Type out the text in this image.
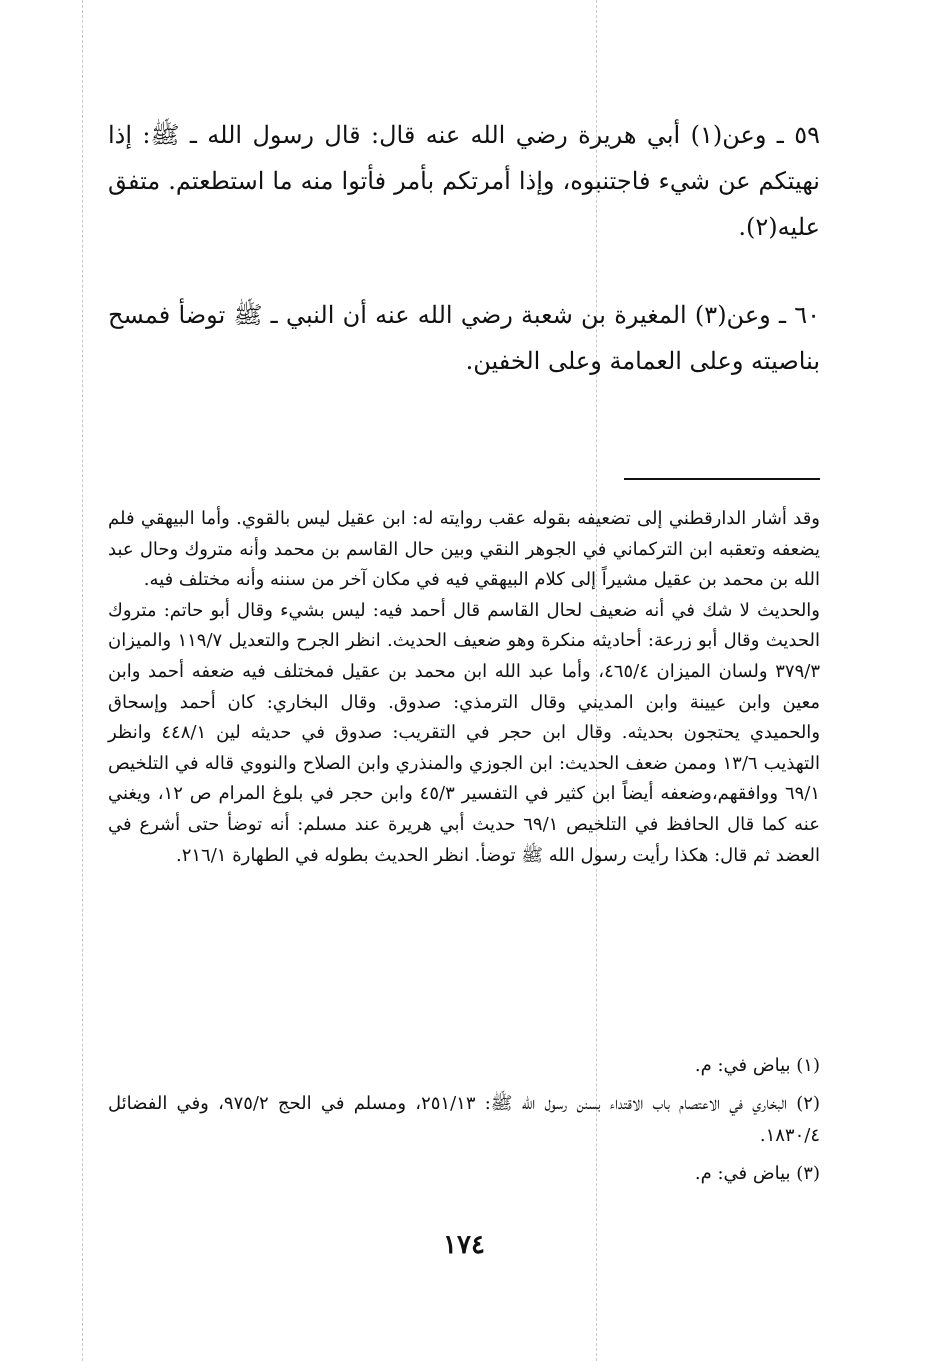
٥٩ ـ وعن(١) أبي هريرة رضي الله عنه قال: قال رسول الله ـ ﷺ: إذا نهيتكم عن شيء فاجتنبوه، وإذا أمرتكم بأمر فأتوا منه ما استطعتم. متفق عليه(٢).

٦٠ ـ وعن(٣) المغيرة بن شعبة رضي الله عنه أن النبي ـ ﷺ توضأ فمسح بناصيته وعلى العمامة وعلى الخفين.

وقد أشار الدارقطني إلى تضعيفه بقوله عقب روايته له: ابن عقيل ليس بالقوي. وأما البيهقي فلم يضعفه وتعقبه ابن التركماني في الجوهر النقي وبين حال القاسم بن محمد وأنه متروك وحال عبد الله بن محمد بن عقيل مشيراً إلى كلام البيهقي فيه في مكان آخر من سننه وأنه مختلف فيه.

والحديث لا شك في أنه ضعيف لحال القاسم قال أحمد فيه: ليس بشيء وقال أبو حاتم: متروك الحديث وقال أبو زرعة: أحاديثه منكرة وهو ضعيف الحديث. انظر الجرح والتعديل ١١٩/٧ والميزان ٣٧٩/٣ ولسان الميزان ٤٦٥/٤، وأما عبد الله ابن محمد بن عقيل فمختلف فيه ضعفه أحمد وابن معين وابن عيينة وابن المديني وقال الترمذي: صدوق. وقال البخاري: كان أحمد وإسحاق والحميدي يحتجون بحديثه. وقال ابن حجر في التقريب: صدوق في حديثه لين ٤٤٨/١ وانظر التهذيب ١٣/٦ وممن ضعف الحديث: ابن الجوزي والمنذري وابن الصلاح والنووي قاله في التلخيص ٦٩/١ ووافقهم،وضعفه أيضاً ابن كثير في التفسير ٤٥/٣ وابن حجر في بلوغ المرام ص ١٢، ويغني عنه كما قال الحافظ في التلخيص ٦٩/١ حديث أبي هريرة عند مسلم: أنه توضأ حتى أشرع في العضد ثم قال: هكذا رأيت رسول الله ﷺ توضأ. انظر الحديث بطوله في الطهارة ٢١٦/١.

(١) بياض في: م.

(٢) البخاري في الاعتصام باب الاقتداء بسنن رسول الله ﷺ: ٢٥١/١٣، ومسلم في الحج ٩٧٥/٢، وفي الفضائل ١٨٣٠/٤.

(٣) بياض في: م.

١٧٤
